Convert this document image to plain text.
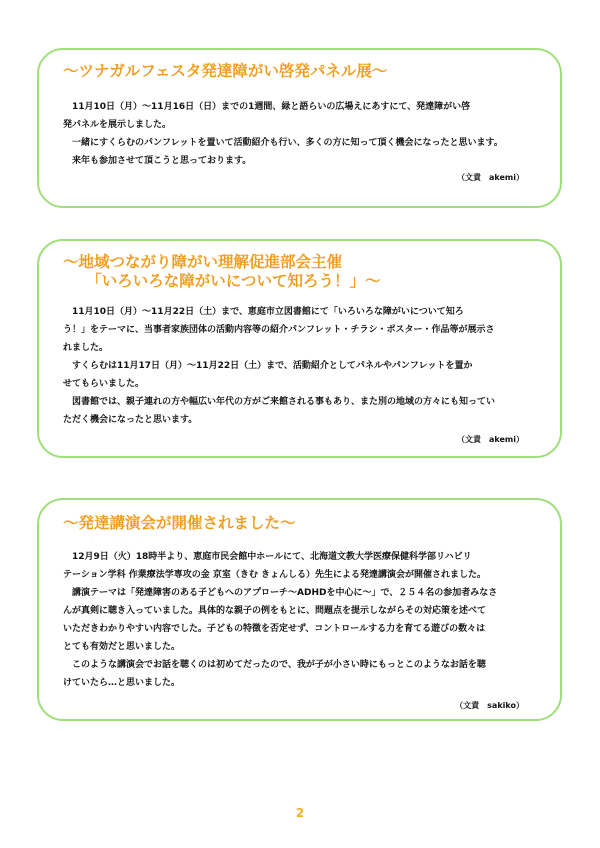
～ツナガルフェスタ発達障がい啓発パネル展～

　11月10日（月）～11月16日（日）までの1週間、緑と語らいの広場えにあすにて、発達障がい啓

発パネルを展示しました。

　一緒にすくらむのパンフレットを置いて活動紹介も行い、多くの方に知って頂く機会になったと思います。

　来年も参加させて頂こうと思っております。

（文責　akemi）

～地域つながり障がい理解促進部会主催

　　「いろいろな障がいについて知ろう！」～

　11月10日（月）～11月22日（土）まで、恵庭市立図書館にて「いろいろな障がいについて知ろ

う！」をテーマに、当事者家族団体の活動内容等の紹介パンフレット・チラシ・ポスター・作品等が展示さ

れました。

　すくらむは11月17日（月）～11月22日（土）まで、活動紹介としてパネルやパンフレットを置か

せてもらいました。

　図書館では、親子連れの方や幅広い年代の方がご来館される事もあり、また別の地域の方々にも知ってい

ただく機会になったと思います。

（文責　akemi）

～発達講演会が開催されました～

　12月9日（火）18時半より、恵庭市民会館中ホールにて、北海道文教大学医療保健科学部リハビリ

テーション学科 作業療法学専攻の金 京室（きむ きょんしる）先生による発達講演会が開催されました。

　講演テーマは「発達障害のある子どもへのアプローチ～ADHDを中心に～」で、２５４名の参加者みなさ

んが真剣に聴き入っていました。具体的な親子の例をもとに、問題点を提示しながらその対応策を述べて

いただきわかりやすい内容でした。子どもの特徴を否定せず、コントロールする力を育てる遊びの数々は

とても有効だと思いました。

　このような講演会でお話を聴くのは初めてだったので、我が子が小さい時にもっとこのようなお話を聴

けていたら…と思いました。

（文責　sakiko）
2
